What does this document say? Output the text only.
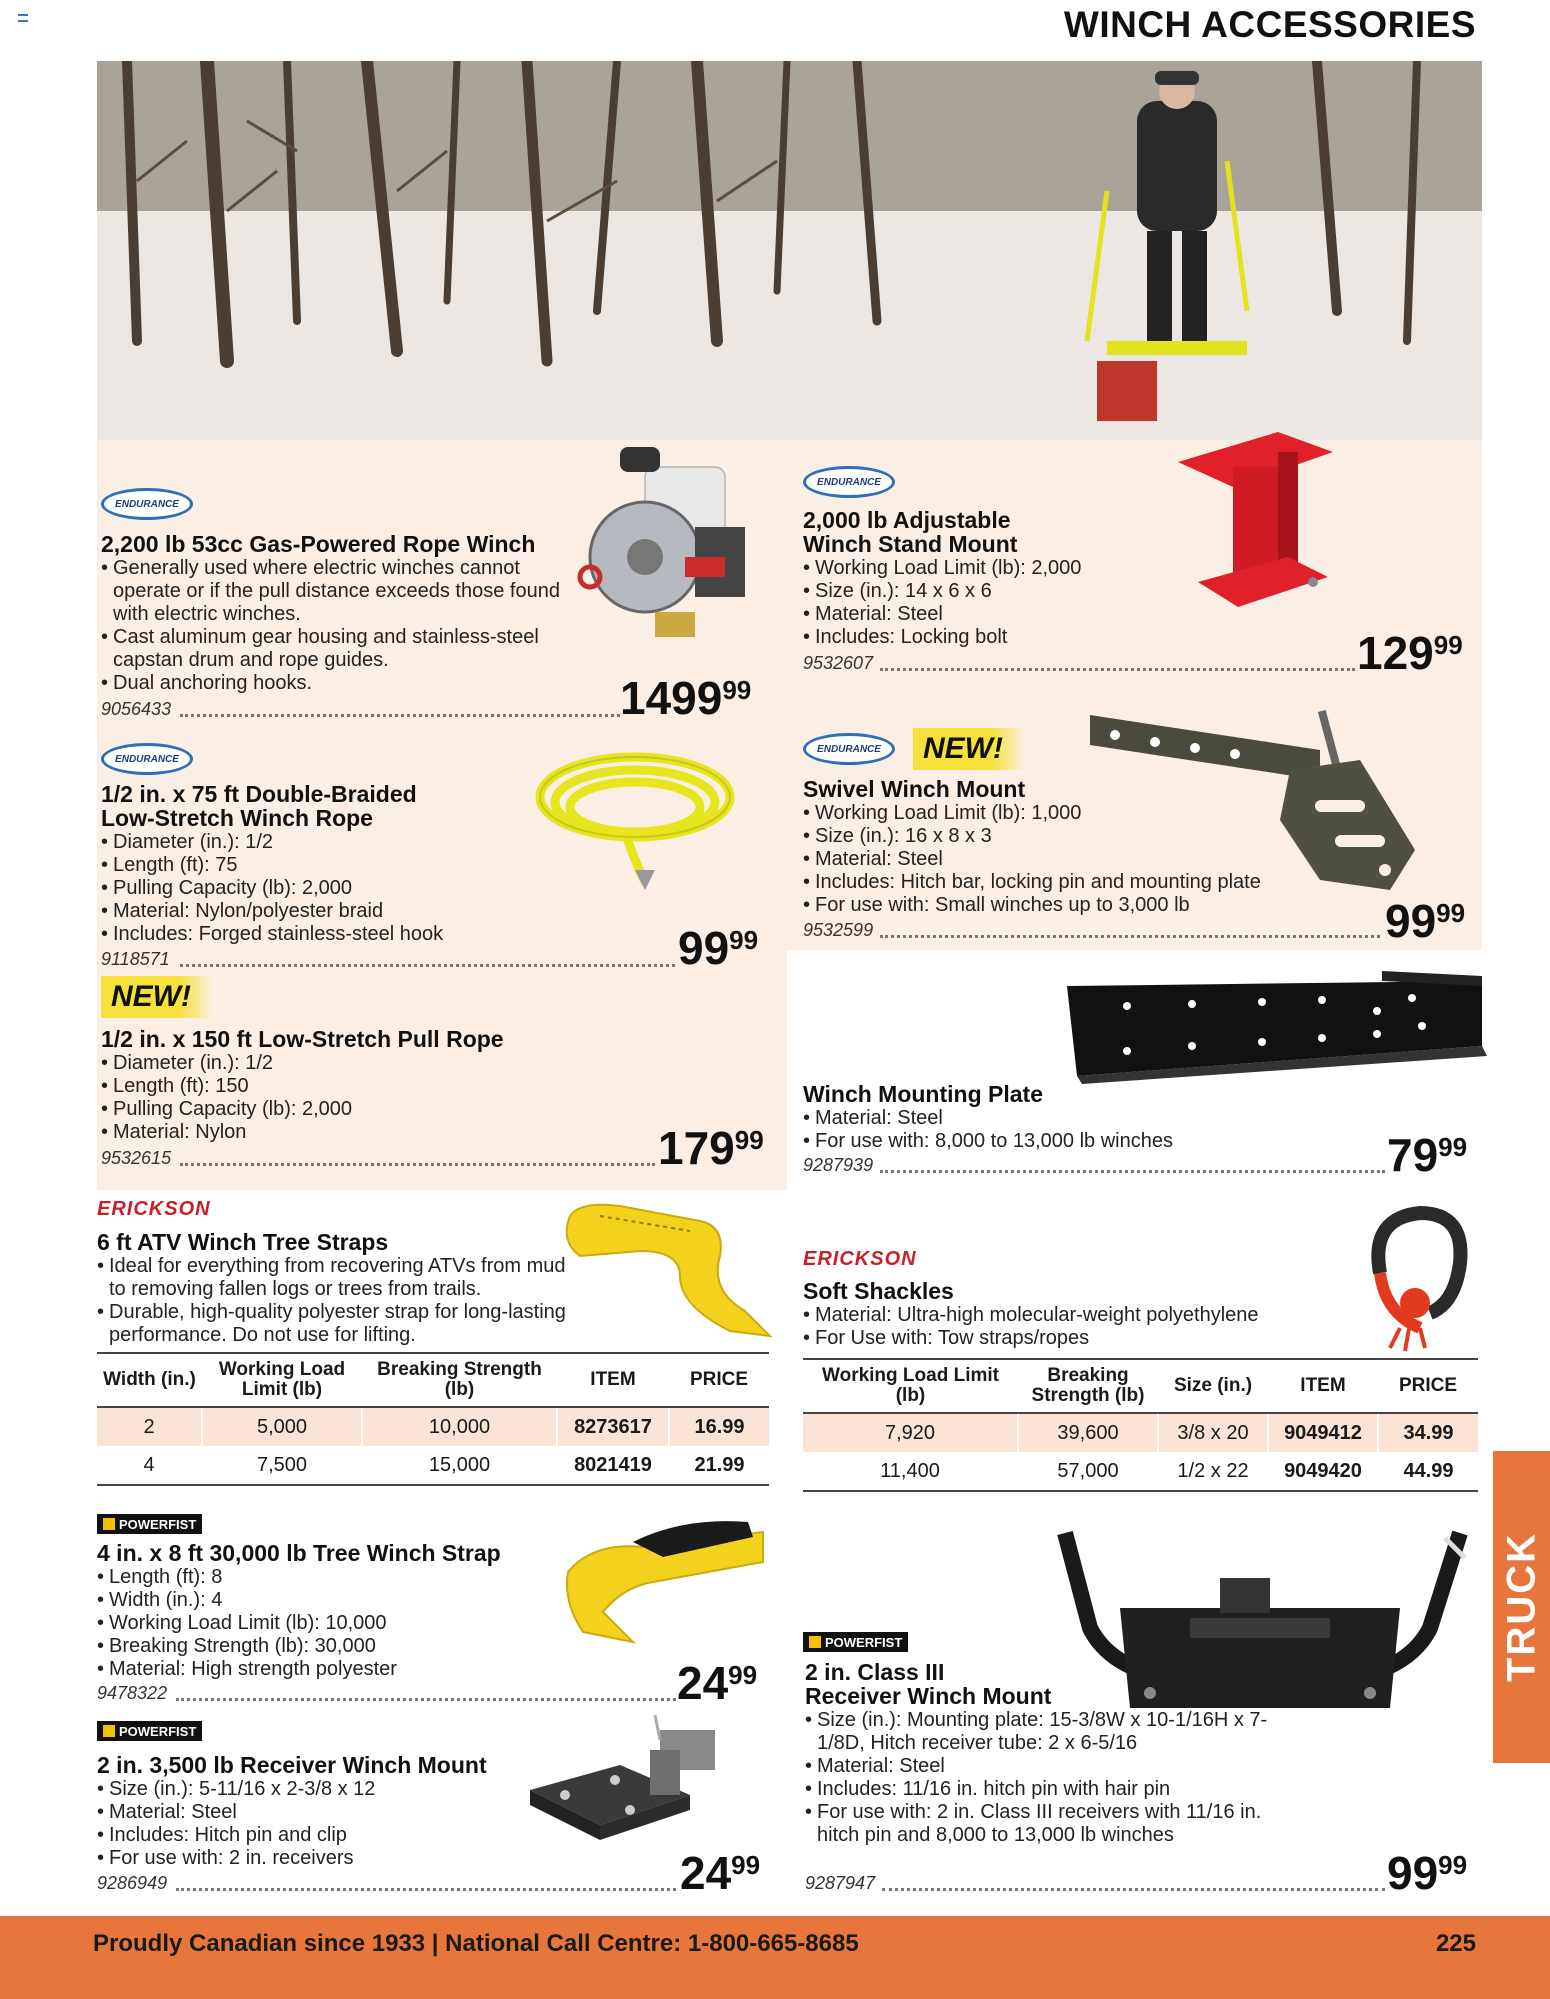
WINCH ACCESSORIES
ENDURANCE
2,200 lb 53cc Gas-Powered Rope Winch
• Generally used where electric winches cannot operate or if the pull distance exceeds those found with electric winches.
• Cast aluminum gear housing and stainless-steel capstan drum and rope guides.
• Dual anchoring hooks.
9056433	149999
ENDURANCE
2,000 lb Adjustable
Winch Stand Mount
• Working Load Limit (lb): 2,000
• Size (in.): 14 x 6 x 6
• Material: Steel
• Includes: Locking bolt
9532607	12999
ENDURANCE
1/2 in. x 75 ft Double-Braided
Low-Stretch Winch Rope
• Diameter (in.): 1/2
• Length (ft): 75
• Pulling Capacity (lb): 2,000
• Material: Nylon/polyester braid
• Includes: Forged stainless-steel hook
9118571	9999
ENDURANCE	NEW!
Swivel Winch Mount
• Working Load Limit (lb): 1,000
• Size (in.): 16 x 8 x 3
• Material: Steel
• Includes: Hitch bar, locking pin and mounting plate
• For use with: Small winches up to 3,000 lb
9532599	9999
NEW!
1/2 in. x 150 ft Low-Stretch Pull Rope
• Diameter (in.): 1/2
• Length (ft): 150
• Pulling Capacity (lb): 2,000
• Material: Nylon
9532615	17999
Winch Mounting Plate
• Material: Steel
• For use with: 8,000 to 13,000 lb winches
9287939	7999
ERICKSON
6 ft ATV Winch Tree Straps
• Ideal for everything from recovering ATVs from mud to removing fallen logs or trees from trails.
• Durable, high-quality polyester strap for long-lasting performance. Do not use for lifting.
Width (in.)	Working Load Limit (lb)	Breaking Strength (lb)	ITEM	PRICE
2	5,000	10,000	8273617	16.99
4	7,500	15,000	8021419	21.99
ERICKSON
Soft Shackles
• Material: Ultra-high molecular-weight polyethylene
• For Use with: Tow straps/ropes
Working Load Limit (lb)	Breaking Strength (lb)	Size (in.)	ITEM	PRICE
7,920	39,600	3/8 x 20	9049412	34.99
11,400	57,000	1/2 x 22	9049420	44.99
POWERFIST
4 in. x 8 ft 30,000 lb Tree Winch Strap
• Length (ft): 8
• Width (in.): 4
• Working Load Limit (lb): 10,000
• Breaking Strength (lb): 30,000
• Material: High strength polyester
9478322	2499
POWERFIST
2 in. 3,500 lb Receiver Winch Mount
• Size (in.): 5-11/16 x 2-3/8 x 12
• Material: Steel
• Includes: Hitch pin and clip
• For use with: 2 in. receivers
9286949	2499
POWERFIST
2 in. Class III
Receiver Winch Mount
• Size (in.): Mounting plate: 15-3/8W x 10-1/16H x 7-1/8D, Hitch receiver tube: 2 x 6-5/16
• Material: Steel
• Includes: 11/16 in. hitch pin with hair pin
• For use with: 2 in. Class III receivers with 11/16 in. hitch pin and 8,000 to 13,000 lb winches
9287947	9999
TRUCK
Proudly Canadian since 1933 | National Call Centre: 1-800-665-8685	225
